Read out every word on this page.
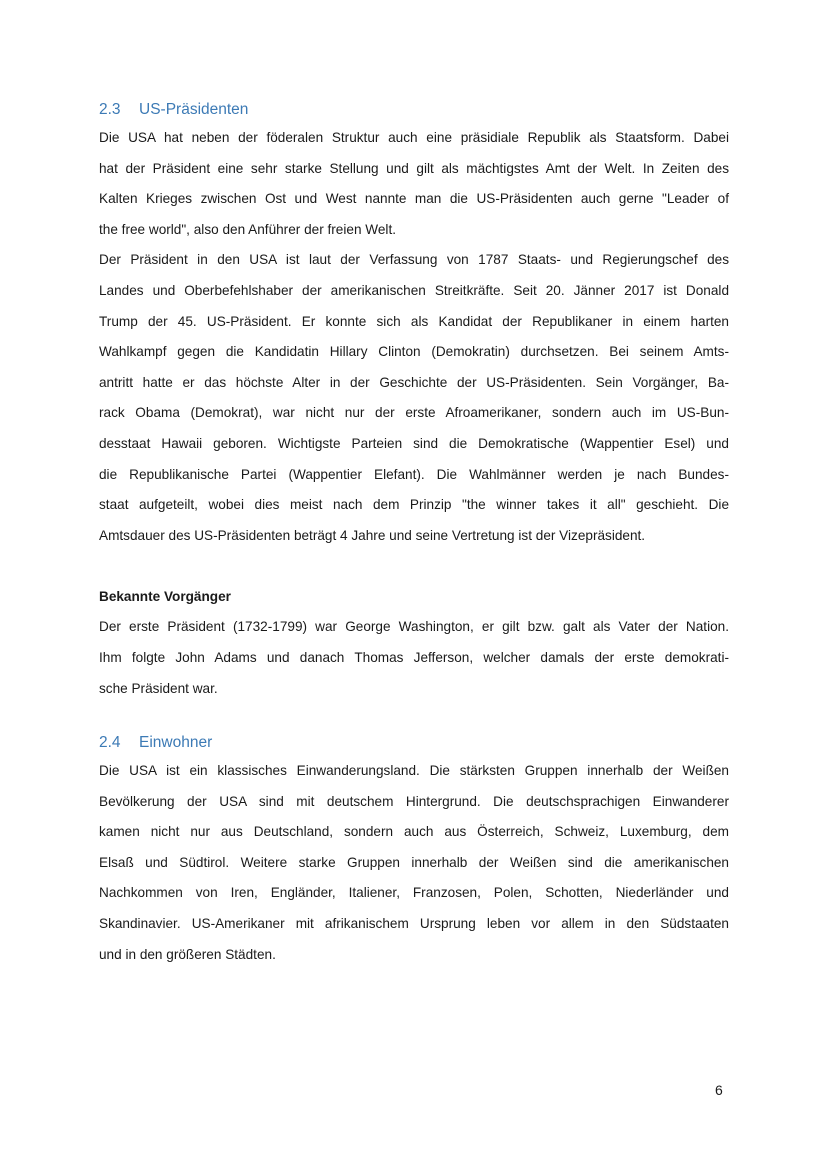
2.3 US-Präsidenten

Die USA hat neben der föderalen Struktur auch eine präsidiale Republik als Staatsform. Dabei
hat der Präsident eine sehr starke Stellung und gilt als mächtigstes Amt der Welt. In Zeiten des
Kalten Krieges zwischen Ost und West nannte man die US-Präsidenten auch gerne "Leader of
the free world", also den Anführer der freien Welt.

Der Präsident in den USA ist laut der Verfassung von 1787 Staats- und Regierungschef des
Landes und Oberbefehlshaber der amerikanischen Streitkräfte. Seit 20. Jänner 2017 ist Donald
Trump der 45. US-Präsident. Er konnte sich als Kandidat der Republikaner in einem harten
Wahlkampf gegen die Kandidatin Hillary Clinton (Demokratin) durchsetzen. Bei seinem Amts-
antritt hatte er das höchste Alter in der Geschichte der US-Präsidenten. Sein Vorgänger, Ba-
rack Obama (Demokrat), war nicht nur der erste Afroamerikaner, sondern auch im US-Bun-
desstaat Hawaii geboren. Wichtigste Parteien sind die Demokratische (Wappentier Esel) und
die Republikanische Partei (Wappentier Elefant). Die Wahlmänner werden je nach Bundes-
staat aufgeteilt, wobei dies meist nach dem Prinzip "the winner takes it all" geschieht. Die
Amtsdauer des US-Präsidenten beträgt 4 Jahre und seine Vertretung ist der Vizepräsident.

Bekannte Vorgänger

Der erste Präsident (1732-1799) war George Washington, er gilt bzw. galt als Vater der Nation.
Ihm folgte John Adams und danach Thomas Jefferson, welcher damals der erste demokrati-
sche Präsident war.

2.4 Einwohner

Die USA ist ein klassisches Einwanderungsland. Die stärksten Gruppen innerhalb der Weißen
Bevölkerung der USA sind mit deutschem Hintergrund. Die deutschsprachigen Einwanderer
kamen nicht nur aus Deutschland, sondern auch aus Österreich, Schweiz, Luxemburg, dem
Elsaß und Südtirol. Weitere starke Gruppen innerhalb der Weißen sind die amerikanischen
Nachkommen von Iren, Engländer, Italiener, Franzosen, Polen, Schotten, Niederländer und
Skandinavier. US-Amerikaner mit afrikanischem Ursprung leben vor allem in den Südstaaten
und in den größeren Städten.

6
